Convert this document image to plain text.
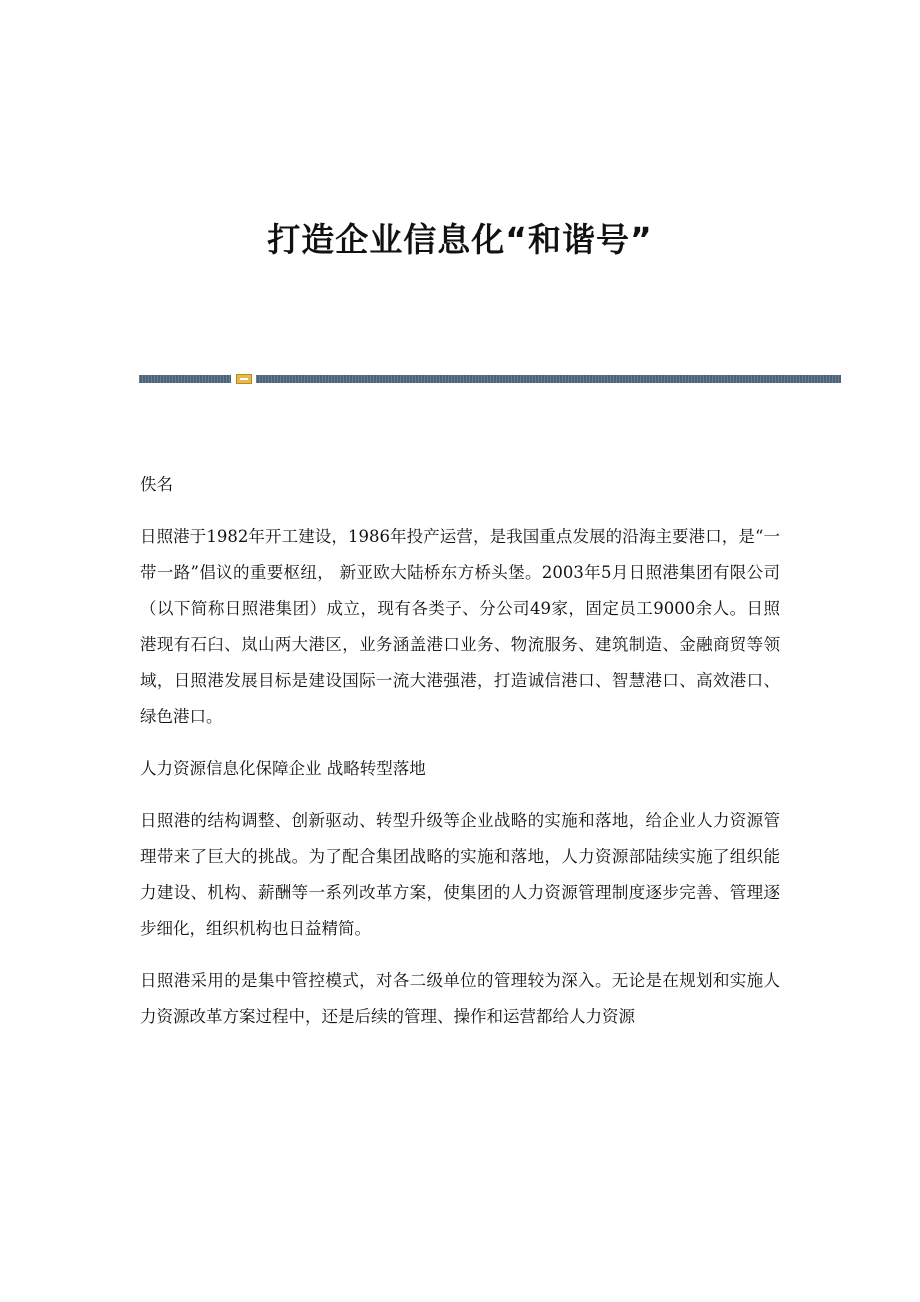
打造企业信息化“和谐号”

佚名

日照港于1982年开工建设，1986年投产运营，是我国重点发展的沿海主要港口，是“一带一路”倡议的重要枢纽， 新亚欧大陆桥东方桥头堡。2003年5月日照港集团有限公司（以下简称日照港集团）成立，现有各类子、分公司49家，固定员工9000余人。日照港现有石臼、岚山两大港区，业务涵盖港口业务、物流服务、建筑制造、金融商贸等领域，日照港发展目标是建设国际一流大港强港，打造诚信港口、智慧港口、高效港口、绿色港口。

人力资源信息化保障企业 战略转型落地

日照港的结构调整、创新驱动、转型升级等企业战略的实施和落地，给企业人力资源管理带来了巨大的挑战。为了配合集团战略的实施和落地，人力资源部陆续实施了组织能力建设、机构、薪酬等一系列改革方案，使集团的人力资源管理制度逐步完善、管理逐步细化，组织机构也日益精简。

日照港采用的是集中管控模式，对各二级单位的管理较为深入。无论是在规划和实施人力资源改革方案过程中，还是后续的管理、操作和运营都给人力资源
